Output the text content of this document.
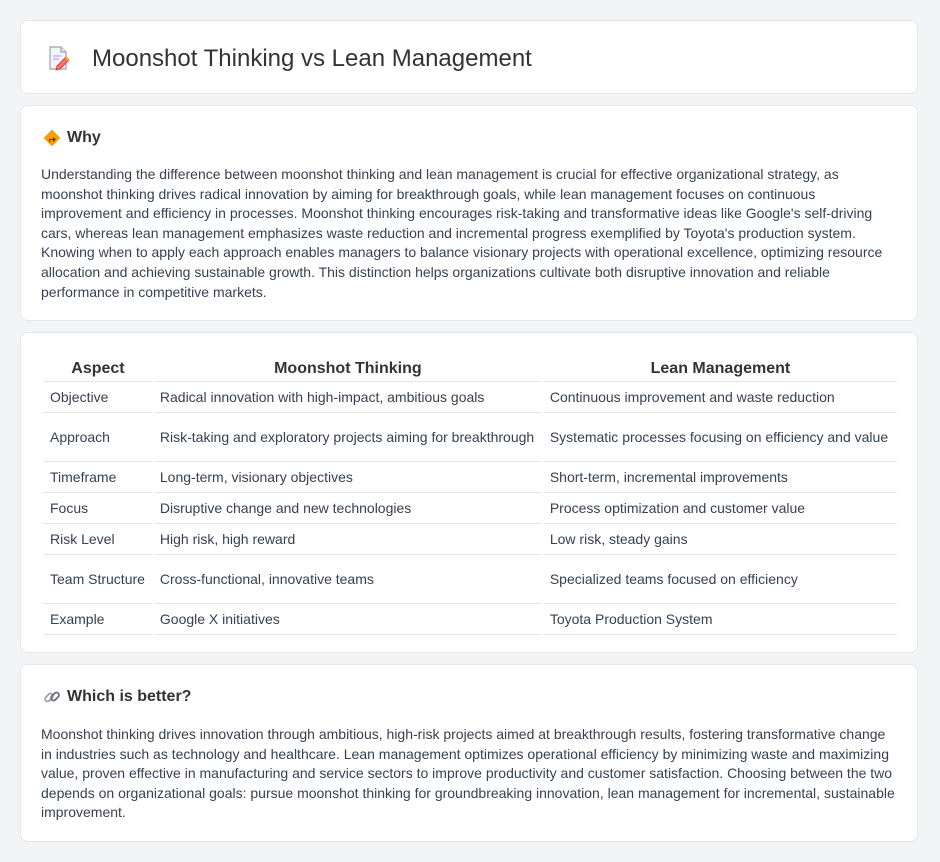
Moonshot Thinking vs Lean Management
Why

Understanding the difference between moonshot thinking and lean management is crucial for effective organizational strategy, as moonshot thinking drives radical innovation by aiming for breakthrough goals, while lean management focuses on continuous improvement and efficiency in processes. Moonshot thinking encourages risk-taking and transformative ideas like Google's self-driving cars, whereas lean management emphasizes waste reduction and incremental progress exemplified by Toyota's production system. Knowing when to apply each approach enables managers to balance visionary projects with operational excellence, optimizing resource allocation and achieving sustainable growth. This distinction helps organizations cultivate both disruptive innovation and reliable performance in competitive markets.

Aspect	Moonshot Thinking	Lean Management
Objective	Radical innovation with high-impact, ambitious goals	Continuous improvement and waste reduction
Approach	Risk-taking and exploratory projects aiming for breakthrough	Systematic processes focusing on efficiency and value
Timeframe	Long-term, visionary objectives	Short-term, incremental improvements
Focus	Disruptive change and new technologies	Process optimization and customer value
Risk Level	High risk, high reward	Low risk, steady gains
Team Structure	Cross-functional, innovative teams	Specialized teams focused on efficiency
Example	Google X initiatives	Toyota Production System
Which is better?

Moonshot thinking drives innovation through ambitious, high-risk projects aimed at breakthrough results, fostering transformative change in industries such as technology and healthcare. Lean management optimizes operational efficiency by minimizing waste and maximizing value, proven effective in manufacturing and service sectors to improve productivity and customer satisfaction. Choosing between the two depends on organizational goals: pursue moonshot thinking for groundbreaking innovation, lean management for incremental, sustainable improvement.
